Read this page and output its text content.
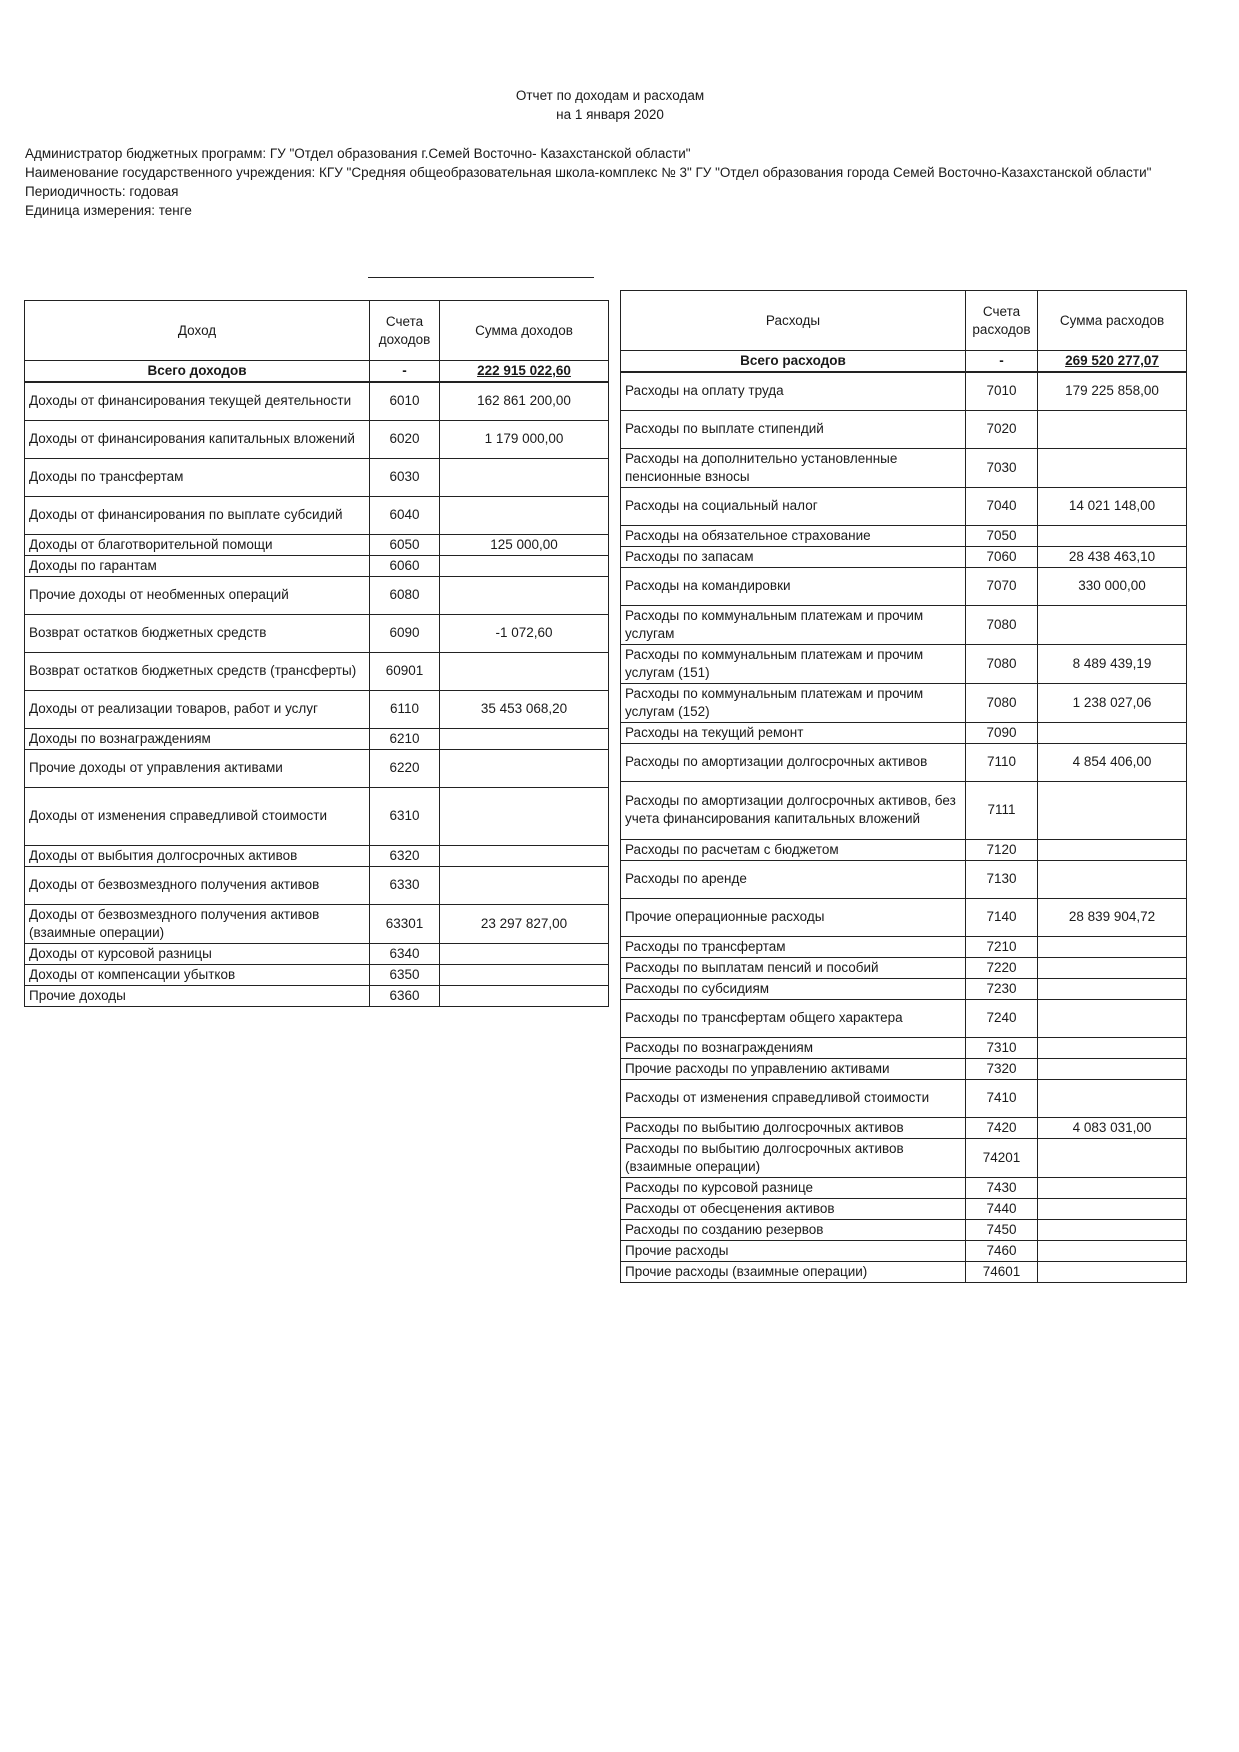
Отчет по доходам и расходам
на 1 января 2020
Администратор бюджетных программ: ГУ "Отдел образования г.Семей Восточно- Казахстанской области"
Наименование государственного учреждения: КГУ "Средняя общеобразовательная школа-комплекс № 3" ГУ "Отдел образования города Семей Восточно-Казахстанской области"
Периодичность: годовая
Единица измерения: тенге
Доход	Счета доходов	Сумма доходов
Всего доходов	-	222 915 022,60
Доходы от финансирования текущей деятельности	6010	162 861 200,00
Доходы от финансирования капитальных вложений	6020	1 179 000,00
Доходы по трансфертам	6030	
Доходы от финансирования по выплате субсидий	6040	
Доходы от благотворительной помощи	6050	125 000,00
Доходы по гарантам	6060	
Прочие доходы от необменных операций	6080	
Возврат остатков бюджетных средств	6090	-1 072,60
Возврат остатков бюджетных средств (трансферты)	60901	
Доходы от реализации товаров, работ и услуг	6110	35 453 068,20
Доходы по вознаграждениям	6210	
Прочие доходы от управления активами	6220	
Доходы от изменения справедливой стоимости	6310	
Доходы от выбытия долгосрочных активов	6320	
Доходы от безвозмездного получения активов	6330	
Доходы от безвозмездного получения активов (взаимные операции)	63301	23 297 827,00
Доходы от курсовой разницы	6340	
Доходы от компенсации убытков	6350	
Прочие доходы	6360	
Расходы	Счета расходов	Сумма расходов
Всего расходов	-	269 520 277,07
Расходы на оплату труда	7010	179 225 858,00
Расходы по выплате стипендий	7020	
Расходы на дополнительно установленные пенсионные взносы	7030	
Расходы на социальный налог	7040	14 021 148,00
Расходы на обязательное страхование	7050	
Расходы по запасам	7060	28 438 463,10
Расходы на командировки	7070	330 000,00
Расходы по коммунальным платежам и прочим услугам	7080	
Расходы по коммунальным платежам и прочим услугам (151)	7080	8 489 439,19
Расходы по коммунальным платежам и прочим услугам (152)	7080	1 238 027,06
Расходы на текущий ремонт	7090	
Расходы по амортизации долгосрочных активов	7110	4 854 406,00
Расходы по амортизации долгосрочных активов, без учета финансирования капитальных вложений	7111	
Расходы по расчетам с бюджетом	7120	
Расходы по аренде	7130	
Прочие операционные расходы	7140	28 839 904,72
Расходы по трансфертам	7210	
Расходы по выплатам пенсий и пособий	7220	
Расходы по субсидиям	7230	
Расходы по трансфертам общего характера	7240	
Расходы по вознаграждениям	7310	
Прочие расходы по управлению активами	7320	
Расходы от изменения справедливой стоимости	7410	
Расходы по выбытию долгосрочных активов	7420	4 083 031,00
Расходы по выбытию долгосрочных активов (взаимные операции)	74201	
Расходы по курсовой разнице	7430	
Расходы от обесценения активов	7440	
Расходы по созданию резервов	7450	
Прочие расходы	7460	
Прочие расходы (взаимные операции)	74601	
